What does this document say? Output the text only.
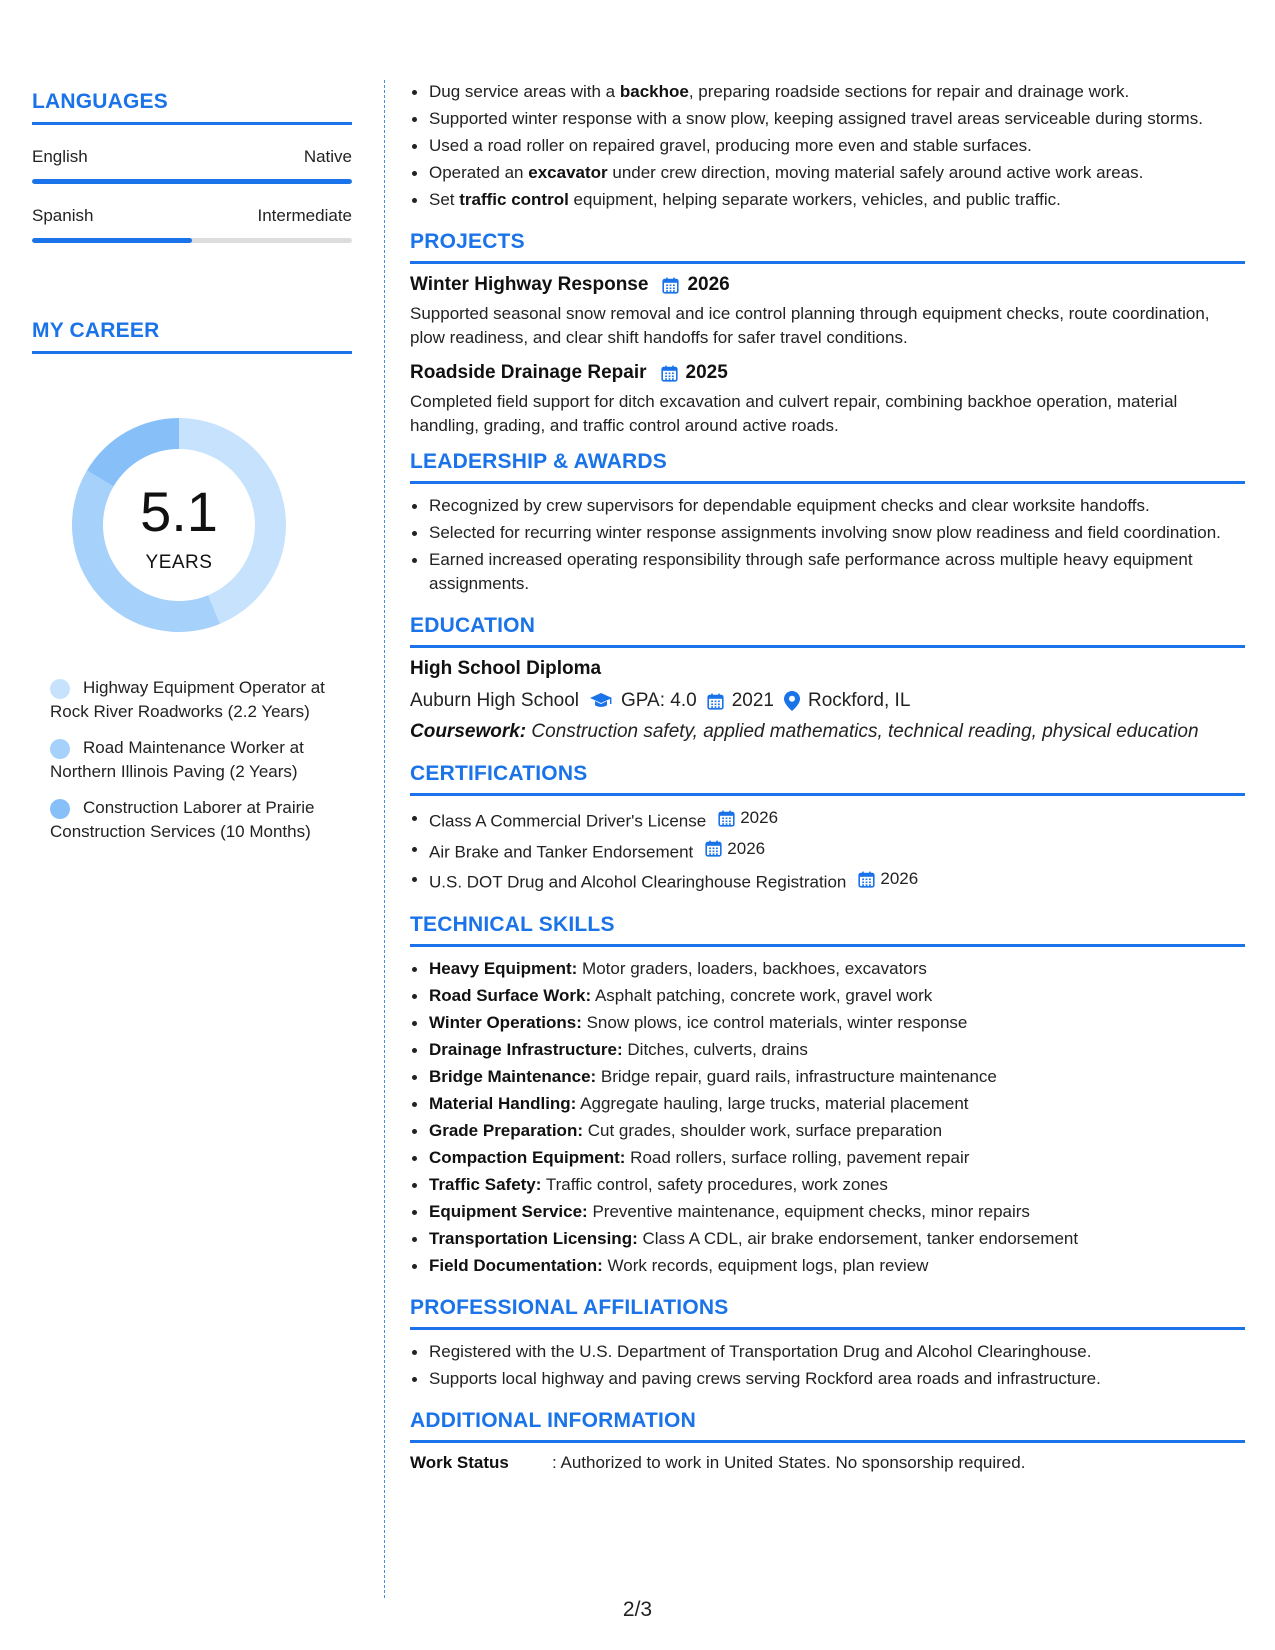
LANGUAGES
English	Native
Spanish	Intermediate
MY CAREER
5.1
YEARS
Highway Equipment Operator at Rock River Roadworks (2.2 Years)
Road Maintenance Worker at Northern Illinois Paving (2 Years)
Construction Laborer at Prairie Construction Services (10 Months)
Dug service areas with a backhoe, preparing roadside sections for repair and drainage work.
Supported winter response with a snow plow, keeping assigned travel areas serviceable during storms.
Used a road roller on repaired gravel, producing more even and stable surfaces.
Operated an excavator under crew direction, moving material safely around active work areas.
Set traffic control equipment, helping separate workers, vehicles, and public traffic.
PROJECTS
Winter Highway Response 2026
Supported seasonal snow removal and ice control planning through equipment checks, route coordination, plow readiness, and clear shift handoffs for safer travel conditions.
Roadside Drainage Repair 2025
Completed field support for ditch excavation and culvert repair, combining backhoe operation, material handling, grading, and traffic control around active roads.
LEADERSHIP & AWARDS
Recognized by crew supervisors for dependable equipment checks and clear worksite handoffs.
Selected for recurring winter response assignments involving snow plow readiness and field coordination.
Earned increased operating responsibility through safe performance across multiple heavy equipment assignments.
EDUCATION
High School Diploma
Auburn High School GPA: 4.0 2021 Rockford, IL
Coursework: Construction safety, applied mathematics, technical reading, physical education
CERTIFICATIONS
Class A Commercial Driver's License 2026
Air Brake and Tanker Endorsement 2026
U.S. DOT Drug and Alcohol Clearinghouse Registration 2026
TECHNICAL SKILLS
Heavy Equipment: Motor graders, loaders, backhoes, excavators
Road Surface Work: Asphalt patching, concrete work, gravel work
Winter Operations: Snow plows, ice control materials, winter response
Drainage Infrastructure: Ditches, culverts, drains
Bridge Maintenance: Bridge repair, guard rails, infrastructure maintenance
Material Handling: Aggregate hauling, large trucks, material placement
Grade Preparation: Cut grades, shoulder work, surface preparation
Compaction Equipment: Road rollers, surface rolling, pavement repair
Traffic Safety: Traffic control, safety procedures, work zones
Equipment Service: Preventive maintenance, equipment checks, minor repairs
Transportation Licensing: Class A CDL, air brake endorsement, tanker endorsement
Field Documentation: Work records, equipment logs, plan review
PROFESSIONAL AFFILIATIONS
Registered with the U.S. Department of Transportation Drug and Alcohol Clearinghouse.
Supports local highway and paving crews serving Rockford area roads and infrastructure.
ADDITIONAL INFORMATION
Work Status	: Authorized to work in United States. No sponsorship required.
2/3
